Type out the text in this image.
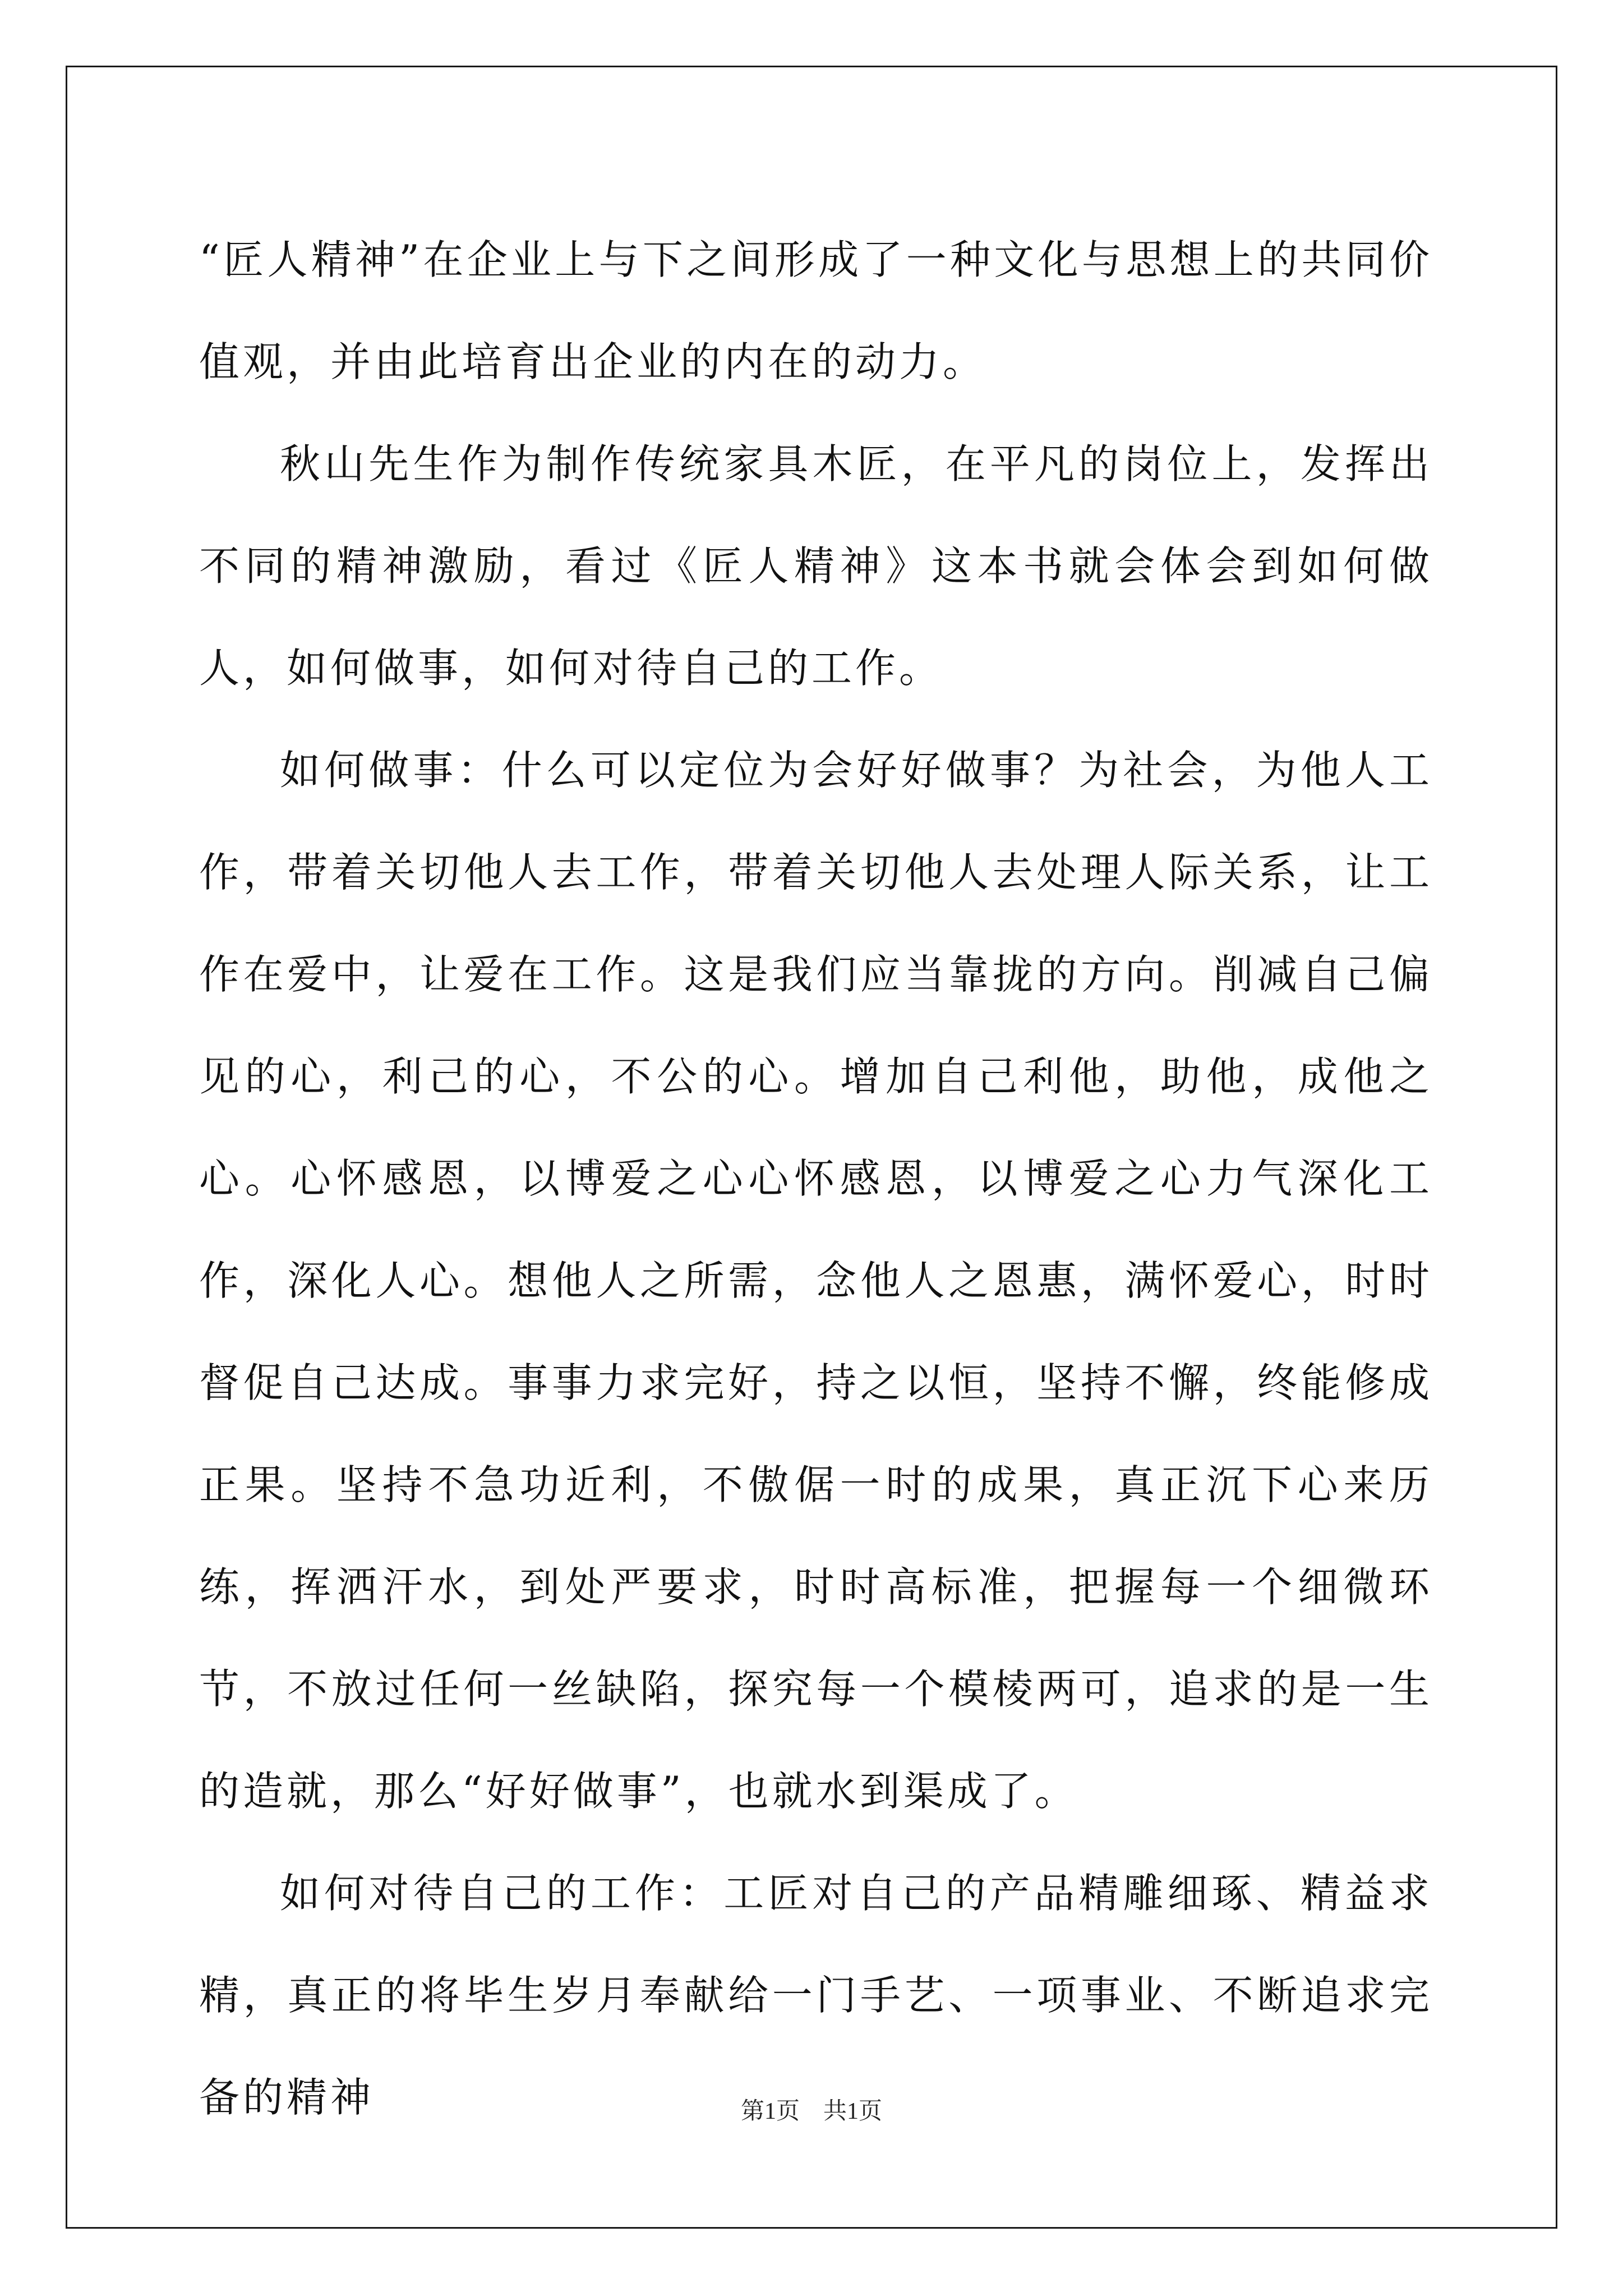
“匠人精神”在企业上与下之间形成了一种文化与思想上的共同价值观，并由此培育出企业的内在的动力。

秋山先生作为制作传统家具木匠，在平凡的岗位上，发挥出不同的精神激励，看过《匠人精神》这本书就会体会到如何做人，如何做事，如何对待自己的工作。

如何做事：什么可以定位为会好好做事？为社会，为他人工作，带着关切他人去工作，带着关切他人去处理人际关系，让工作在爱中，让爱在工作。这是我们应当靠拢的方向。削减自己偏见的心，利己的心，不公的心。增加自己利他，助他，成他之心。心怀感恩，以博爱之心心怀感恩，以博爱之心力气深化工作，深化人心。想他人之所需，念他人之恩惠，满怀爱心，时时督促自己达成。事事力求完好，持之以恒，坚持不懈，终能修成正果。坚持不急功近利，不傲倨一时的成果，真正沉下心来历练，挥洒汗水，到处严要求，时时高标准，把握每一个细微环节，不放过任何一丝缺陷，探究每一个模棱两可，追求的是一生的造就，那么“好好做事”，也就水到渠成了。

如何对待自己的工作：工匠对自己的产品精雕细琢、精益求精，真正的将毕生岁月奉献给一门手艺、一项事业、不断追求完备的精神	第1页　共1页
